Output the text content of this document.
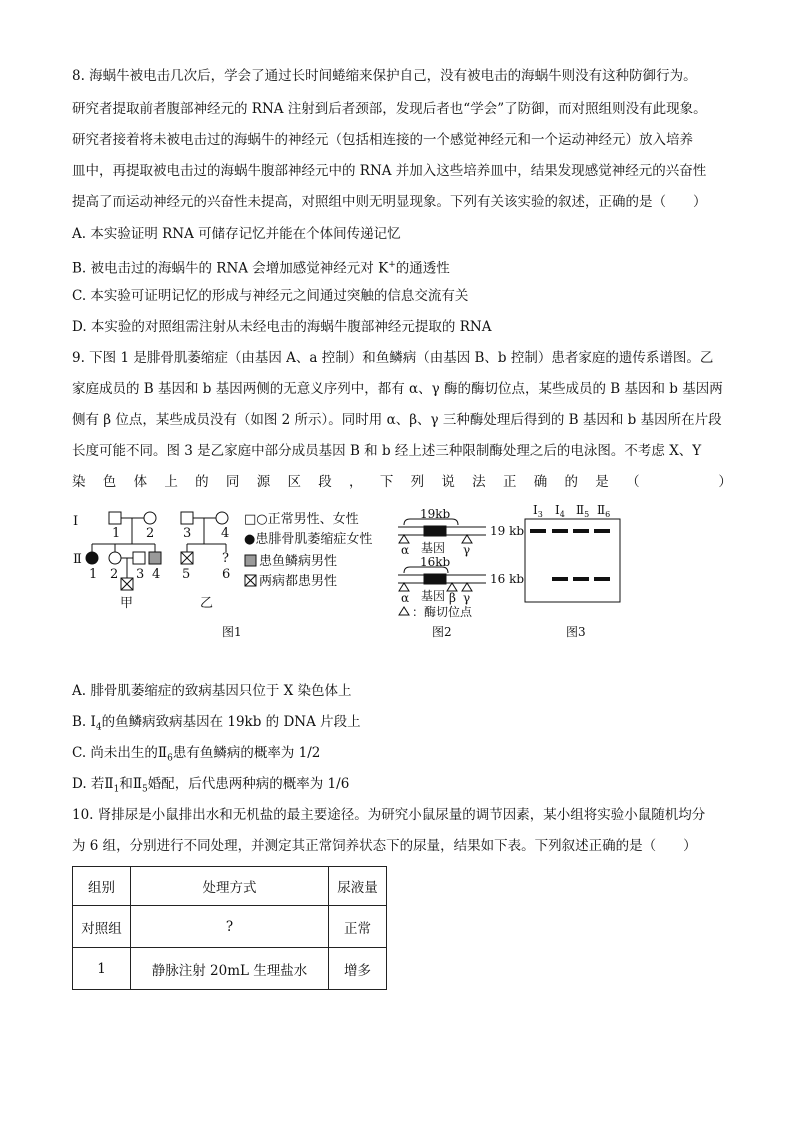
8. 海蜗牛被电击几次后，学会了通过长时间蜷缩来保护自己，没有被电击的海蜗牛则没有这种防御行为。
研究者提取前者腹部神经元的 RNA 注射到后者颈部，发现后者也“学会”了防御，而对照组则没有此现象。
研究者接着将未被电击过的海蜗牛的神经元（包括相连接的一个感觉神经元和一个运动神经元）放入培养
皿中，再提取被电击过的海蜗牛腹部神经元中的 RNA 并加入这些培养皿中，结果发现感觉神经元的兴奋性
提高了而运动神经元的兴奋性未提高，对照组中则无明显现象。下列有关该实验的叙述，正确的是（　　）
A. 本实验证明 RNA 可储存记忆并能在个体间传递记忆
B. 被电击过的海蜗牛的 RNA 会增加感觉神经元对 K+的通透性
C. 本实验可证明记忆的形成与神经元之间通过突触的信息交流有关
D. 本实验的对照组需注射从未经电击的海蜗牛腹部神经元提取的 RNA
9. 下图 1 是腓骨肌萎缩症（由基因 A、a 控制）和鱼鳞病（由基因 B、b 控制）患者家庭的遗传系谱图。乙
家庭成员的 B 基因和 b 基因两侧的无意义序列中，都有 α、γ 酶的酶切位点，某些成员的 B 基因和 b 基因两
侧有 β 位点，某些成员没有（如图 2 所示）。同时用 α、β、γ 三种酶处理后得到的 B 基因和 b 基因所在片段
长度可能不同。图 3 是乙家庭中部分成员基因 B 和 b 经上述三种限制酶处理之后的电泳图。不考虑 X、Y
染 色 体 上 的 同 源 区 段 ， 下 列 说 法 正 确 的 是 （

　	）
Ⅰ
Ⅱ
1 2
1 2 3 4
甲
3 4
?
5 6
乙
□○正常男性、女性
●患腓骨肌萎缩症女性
患鱼鳞病男性
两病都患男性
图1
19kb
α 基因 γ
16kb
α 基因 β γ
：酶切位点
图2
$Ⅰ_3$ $Ⅰ_4$ $Ⅱ_5$ $Ⅱ_6$
19 kb
16 kb
图3
A. 腓骨肌萎缩症的致病基因只位于 X 染色体上
B. $Ⅰ_4$的鱼鳞病致病基因在 19kb 的 DNA 片段上
C. 尚未出生的$Ⅱ_6$患有鱼鳞病的概率为 1/2
D. 若$Ⅱ_1$和$Ⅱ_5$婚配，后代患两种病的概率为 1/6
10. 肾排尿是小鼠排出水和无机盐的最主要途径。为研究小鼠尿量的调节因素，某小组将实验小鼠随机均分
为 6 组，分别进行不同处理，并测定其正常饲养状态下的尿量，结果如下表。下列叙述正确的是（　　）
组别	处理方式	尿液量
对照组	?	正常
1	静脉注射 20mL 生理盐水	增多
